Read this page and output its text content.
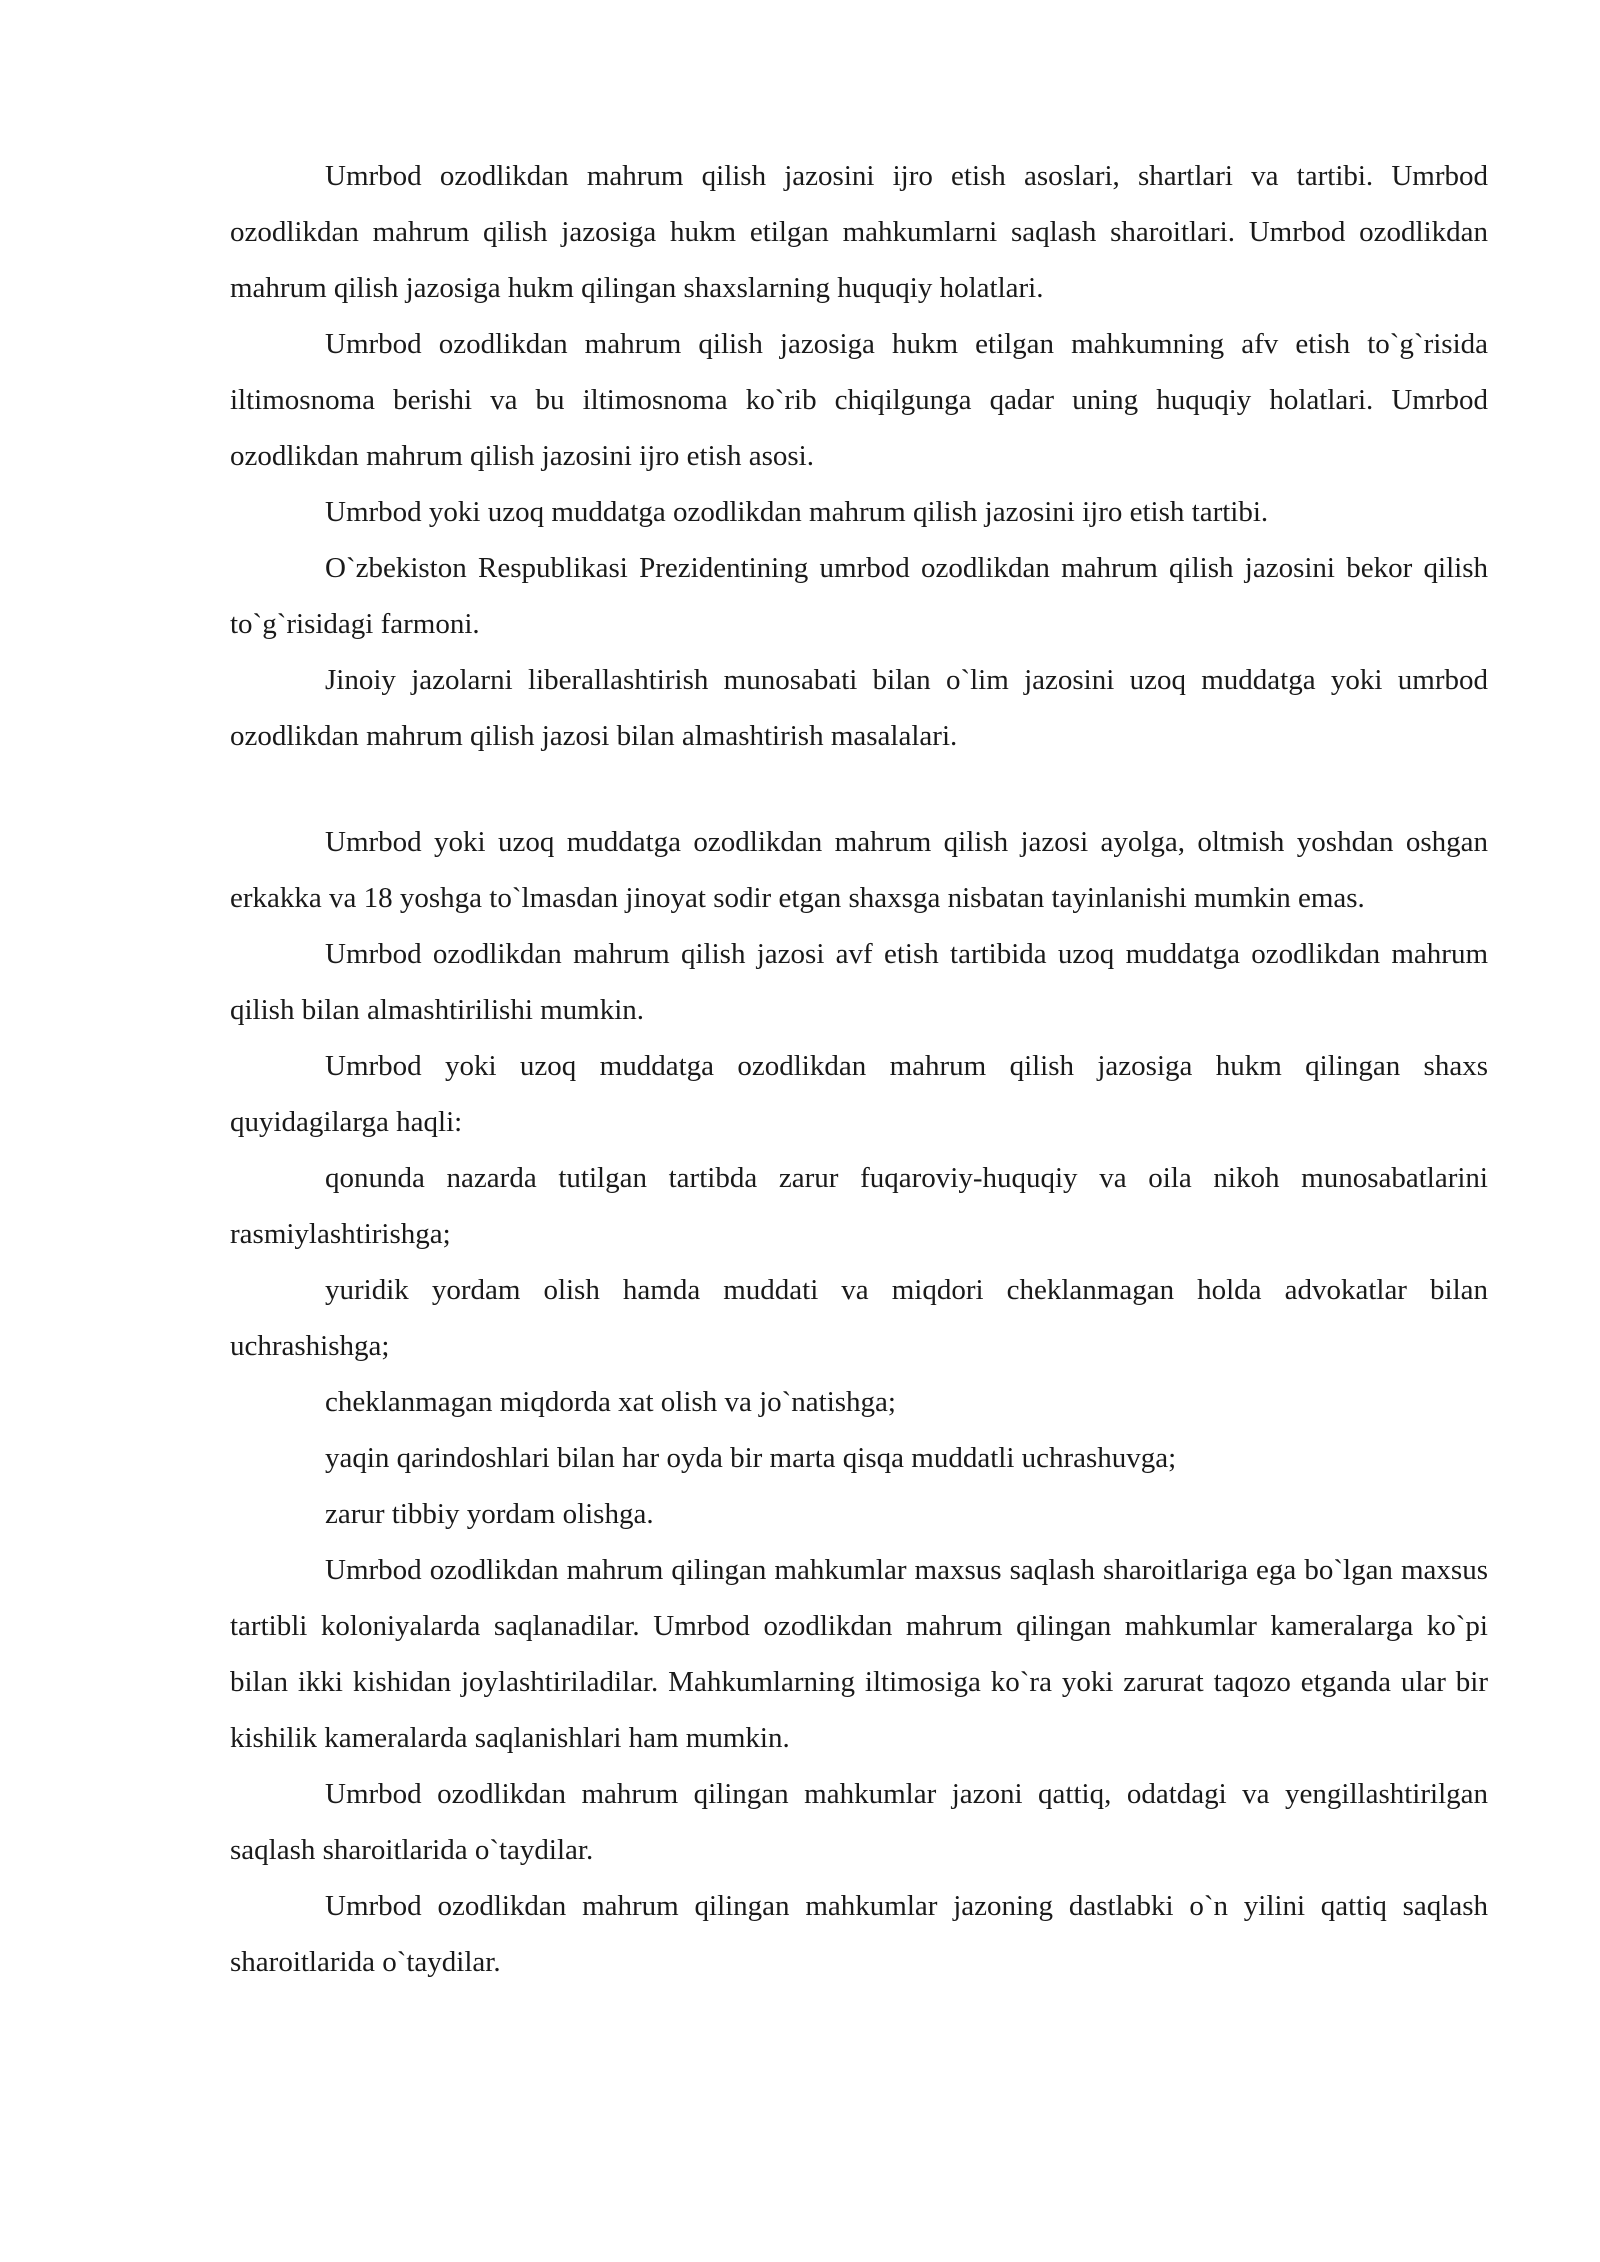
Umrbod ozodlikdan mahrum qilish jazosini ijro etish asoslari, shartlari va tartibi. Umrbod ozodlikdan mahrum qilish jazosiga hukm etilgan mahkumlarni saqlash sharoitlari. Umrbod ozodlikdan mahrum qilish jazosiga hukm qilingan shaxslarning huquqiy holatlari.

Umrbod ozodlikdan mahrum qilish jazosiga hukm etilgan mahkumning afv etish to`g`risida iltimosnoma berishi va bu iltimosnoma ko`rib chiqilgunga qadar uning huquqiy holatlari. Umrbod ozodlikdan mahrum qilish jazosini ijro etish asosi.

Umrbod yoki uzoq muddatga ozodlikdan mahrum qilish jazosini ijro etish tartibi.

O`zbekiston Respublikasi Prezidentining umrbod ozodlikdan mahrum qilish jazosini bekor qilish to`g`risidagi farmoni.

Jinoiy jazolarni liberallashtirish munosabati bilan o`lim jazosini uzoq muddatga yoki umrbod ozodlikdan mahrum qilish jazosi bilan almashtirish masalalari.

Umrbod yoki uzoq muddatga ozodlikdan mahrum qilish jazosi ayolga, oltmish yoshdan oshgan erkakka va 18 yoshga to`lmasdan jinoyat sodir etgan shaxsga nisbatan tayinlanishi mumkin emas.

Umrbod ozodlikdan mahrum qilish jazosi avf etish tartibida uzoq muddatga ozodlikdan mahrum qilish bilan almashtirilishi mumkin.

Umrbod yoki uzoq muddatga ozodlikdan mahrum qilish jazosiga hukm qilingan shaxs quyidagilarga haqli:

qonunda nazarda tutilgan tartibda zarur fuqaroviy-huquqiy va oila nikoh munosabatlarini rasmiylashtirishga;

yuridik yordam olish hamda muddati va miqdori cheklanmagan holda advokatlar bilan uchrashishga;

cheklanmagan miqdorda xat olish va jo`natishga;

yaqin qarindoshlari bilan har oyda bir marta qisqa muddatli uchrashuvga;

zarur tibbiy yordam olishga.

Umrbod ozodlikdan mahrum qilingan mahkumlar maxsus saqlash sharoitlariga ega bo`lgan maxsus tartibli koloniyalarda saqlanadilar. Umrbod ozodlikdan mahrum qilingan mahkumlar kameralarga ko`pi bilan ikki kishidan joylashtiriladilar. Mahkumlarning iltimosiga ko`ra yoki zarurat taqozo etganda ular bir kishilik kameralarda saqlanishlari ham mumkin.

Umrbod ozodlikdan mahrum qilingan mahkumlar jazoni qattiq, odatdagi va yengillashtirilgan saqlash sharoitlarida o`taydilar.

Umrbod ozodlikdan mahrum qilingan mahkumlar jazoning dastlabki o`n yilini qattiq saqlash sharoitlarida o`taydilar.
